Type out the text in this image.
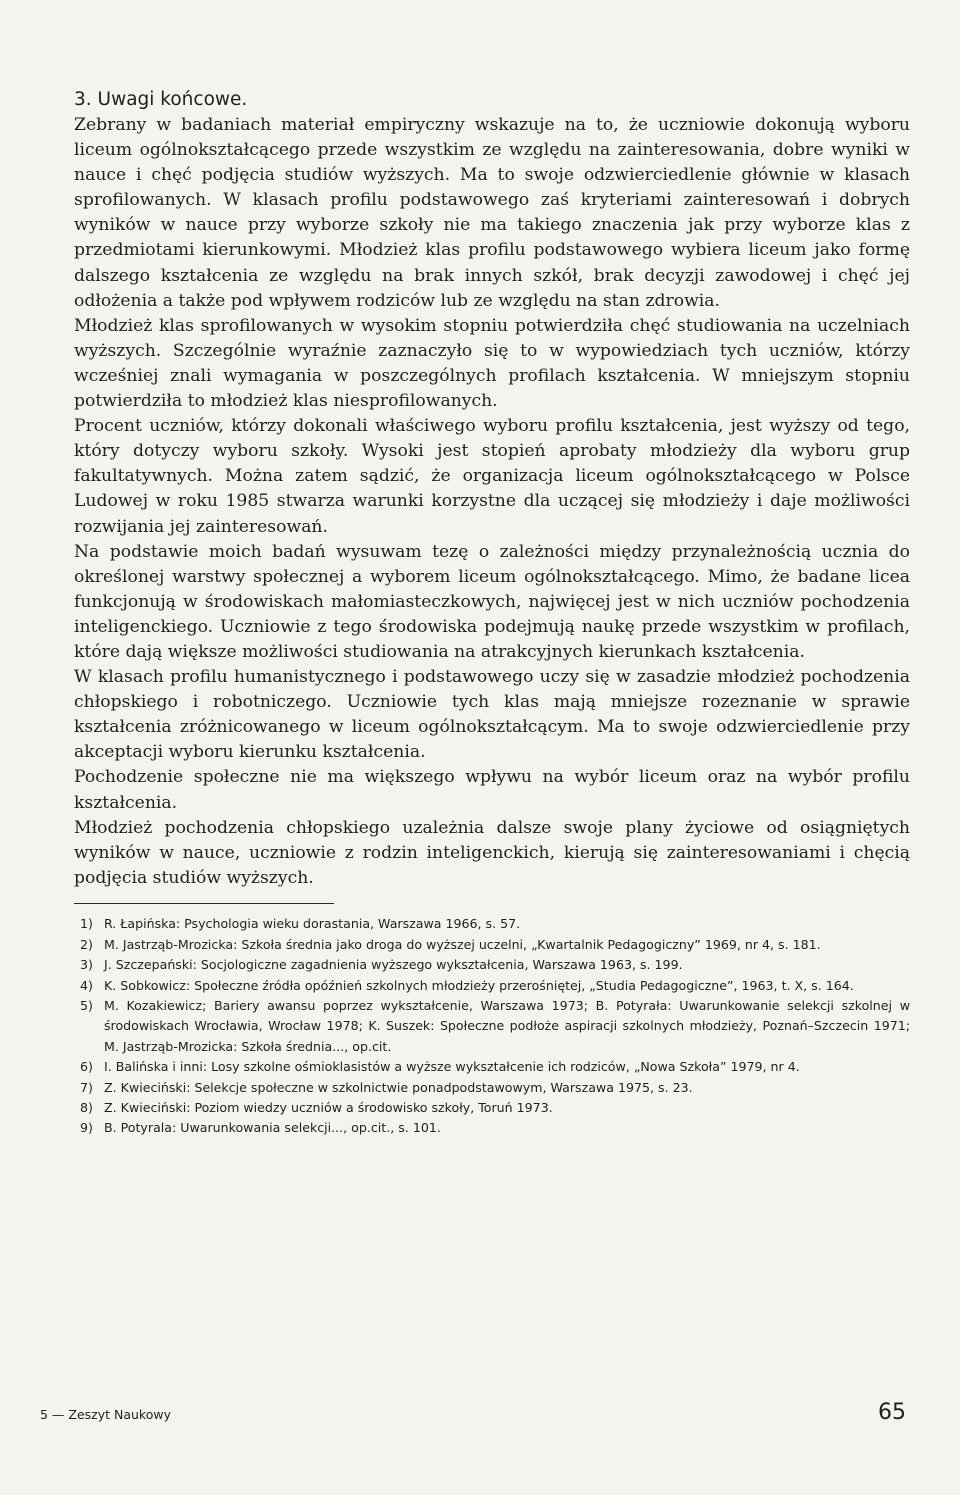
3. Uwagi końcowe.

Zebrany w badaniach materiał empiryczny wskazuje na to, że uczniowie dokonują wyboru liceum ogólnokształcącego przede wszystkim ze względu na zainteresowania, dobre wyniki w nauce i chęć podjęcia studiów wyższych. Ma to swoje odzwierciedlenie głównie w klasach sprofilowanych. W klasach profilu podstawowego zaś kryteriami zainteresowań i dobrych wyników w nauce przy wyborze szkoły nie ma takiego znaczenia jak przy wyborze klas z przedmiotami kierunkowymi. Młodzież klas profilu podstawowego wybiera liceum jako formę dalszego kształcenia ze względu na brak innych szkół, brak decyzji zawodowej i chęć jej odłożenia a także pod wpływem rodziców lub ze względu na stan zdrowia.

Młodzież klas sprofilowanych w wysokim stopniu potwierdziła chęć studiowania na uczelniach wyższych. Szczególnie wyraźnie zaznaczyło się to w wypowiedziach tych uczniów, którzy wcześniej znali wymagania w poszczególnych profilach kształcenia. W mniejszym stopniu potwierdziła to młodzież klas niesprofilowanych.

Procent uczniów, którzy dokonali właściwego wyboru profilu kształcenia, jest wyższy od tego, który dotyczy wyboru szkoły. Wysoki jest stopień aprobaty młodzieży dla wyboru grup fakultatywnych. Można zatem sądzić, że organizacja liceum ogólnokształcącego w Polsce Ludowej w roku 1985 stwarza warunki korzystne dla uczącej się młodzieży i daje możliwości rozwijania jej zainteresowań.

Na podstawie moich badań wysuwam tezę o zależności między przynależnością ucznia do określonej warstwy społecznej a wyborem liceum ogólnokształcącego. Mimo, że badane licea funkcjonują w środowiskach małomiasteczkowych, najwięcej jest w nich uczniów pochodzenia inteligenckiego. Uczniowie z tego środowiska podejmują naukę przede wszystkim w profilach, które dają większe możliwości studiowania na atrakcyjnych kierunkach kształcenia.

W klasach profilu humanistycznego i podstawowego uczy się w zasadzie młodzież pochodzenia chłopskiego i robotniczego. Uczniowie tych klas mają mniejsze rozeznanie w sprawie kształcenia zróżnicowanego w liceum ogólnokształcącym. Ma to swoje odzwierciedlenie przy akceptacji wyboru kierunku kształcenia.

Pochodzenie społeczne nie ma większego wpływu na wybór liceum oraz na wybór profilu kształcenia.

Młodzież pochodzenia chłopskiego uzależnia dalsze swoje plany życiowe od osiągniętych wyników w nauce, uczniowie z rodzin inteligenckich, kierują się zainteresowaniami i chęcią podjęcia studiów wyższych.

1) R. Łapińska: Psychologia wieku dorastania, Warszawa 1966, s. 57.
2) M. Jastrząb-Mrozicka: Szkoła średnia jako droga do wyższej uczelni, „Kwartalnik Pedagogiczny” 1969, nr 4, s. 181.
3) J. Szczepański: Socjologiczne zagadnienia wyższego wykształcenia, Warszawa 1963, s. 199.
4) K. Sobkowicz: Społeczne źródła opóźnień szkolnych młodzieży przerośniętej, „Studia Pedagogiczne”, 1963, t. X, s. 164.
5) M. Kozakiewicz; Bariery awansu poprzez wykształcenie, Warszawa 1973; B. Potyrała: Uwarunkowanie selekcji szkolnej w środowiskach Wrocławia, Wrocław 1978; K. Suszek: Społeczne podłoże aspiracji szkolnych młodzieży, Poznań–Szczecin 1971; M. Jastrząb-Mrozicka: Szkoła średnia..., op.cit.
6) I. Balińska i inni: Losy szkolne ośmioklasistów a wyższe wykształcenie ich rodziców, „Nowa Szkoła” 1979, nr 4.
7) Z. Kwieciński: Selekcje społeczne w szkolnictwie ponadpodstawowym, Warszawa 1975, s. 23.
8) Z. Kwieciński: Poziom wiedzy uczniów a środowisko szkoły, Toruń 1973.
9) B. Potyrala: Uwarunkowania selekcji..., op.cit., s. 101.
5 — Zeszyt Naukowy	65
